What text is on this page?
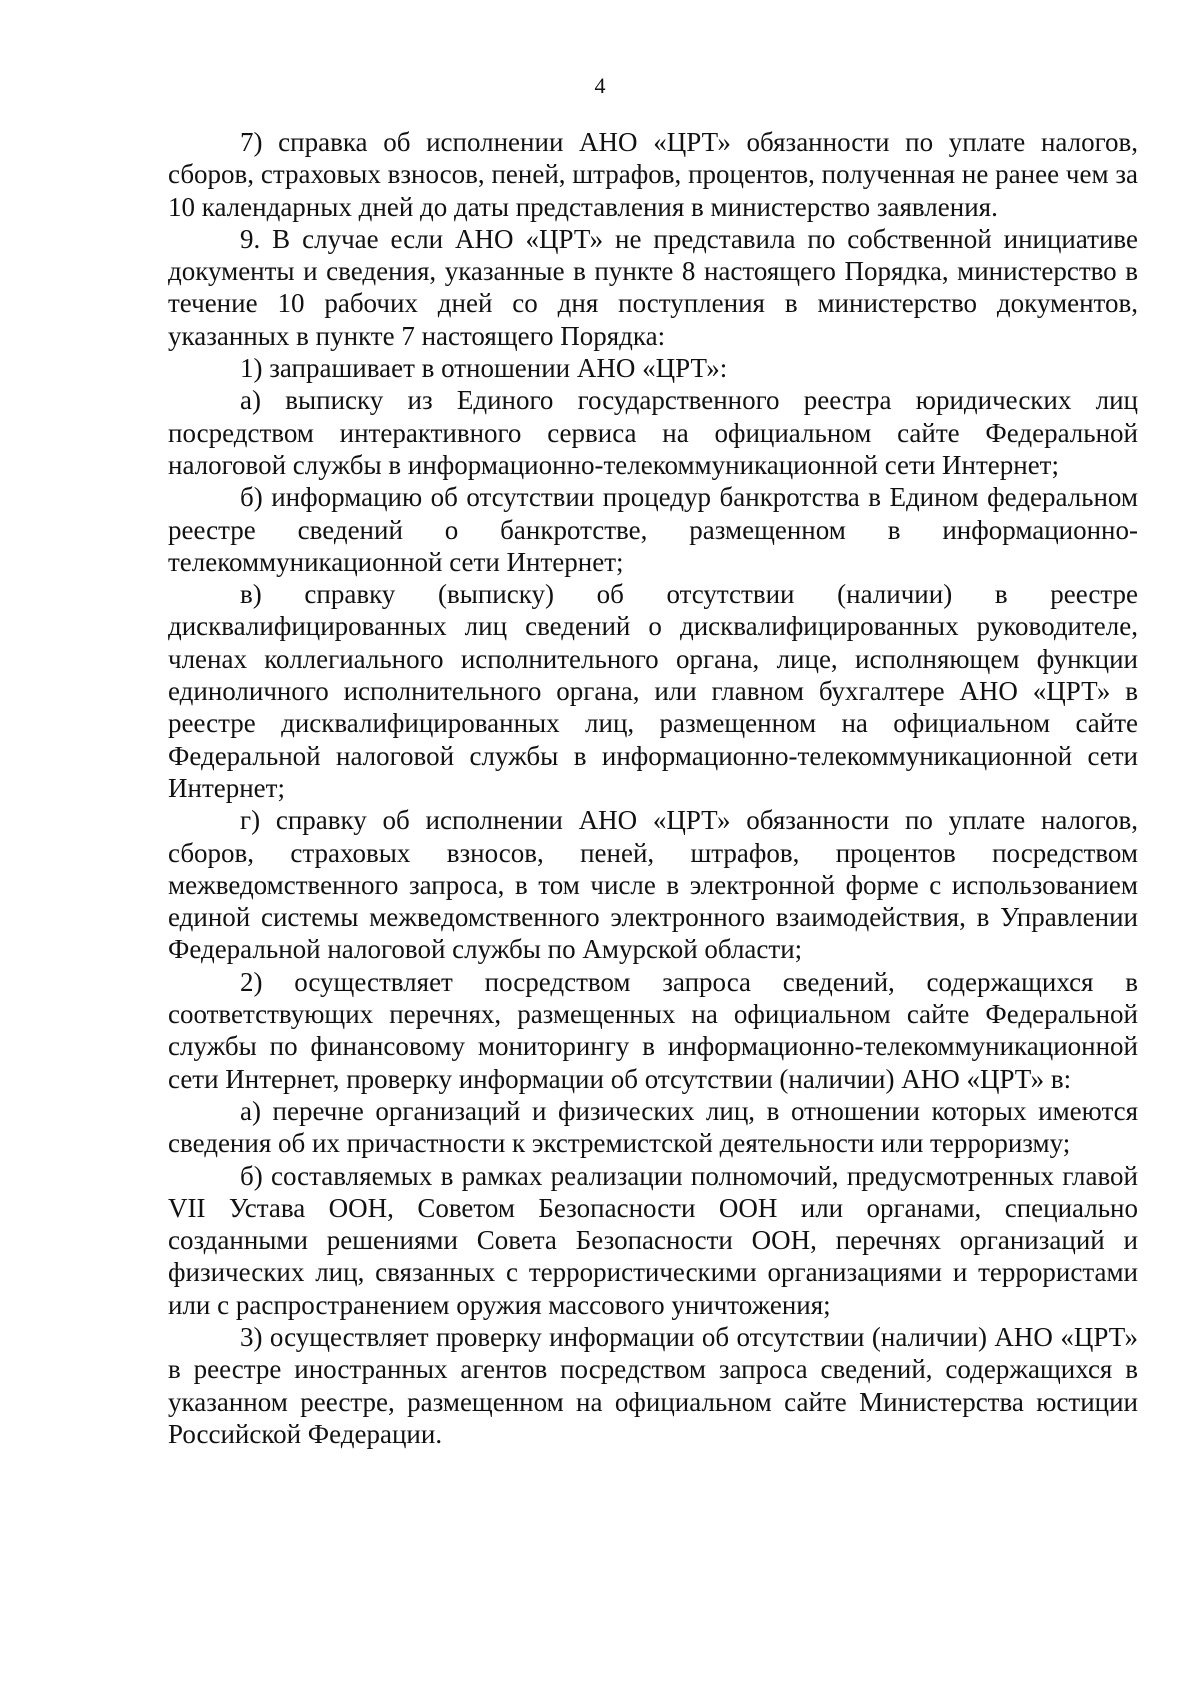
4

7) справка об исполнении АНО «ЦРТ» обязанности по уплате налогов, сборов, страховых взносов, пеней, штрафов, процентов, полученная не ранее чем за 10 календарных дней до даты представления в министерство заявления.

9. В случае если АНО «ЦРТ» не представила по собственной инициативе документы и сведения, указанные в пункте 8 настоящего Порядка, министерство в течение 10 рабочих дней со дня поступления в министерство документов, указанных в пункте 7 настоящего Порядка:

1) запрашивает в отношении АНО «ЦРТ»:

а) выписку из Единого государственного реестра юридических лиц посредством интерактивного сервиса на официальном сайте Федеральной налоговой службы в информационно-телекоммуникационной сети Интернет;

б) информацию об отсутствии процедур банкротства в Едином федеральном реестре сведений о банкротстве, размещенном в информационно-телекоммуникационной сети Интернет;

в) справку (выписку) об отсутствии (наличии) в реестре дисквалифицированных лиц сведений о дисквалифицированных руководителе, членах коллегиального исполнительного органа, лице, исполняющем функции единоличного исполнительного органа, или главном бухгалтере АНО «ЦРТ» в реестре дисквалифицированных лиц, размещенном на официальном сайте Федеральной налоговой службы в информационно-телекоммуникационной сети Интернет;

г) справку об исполнении АНО «ЦРТ» обязанности по уплате налогов, сборов, страховых взносов, пеней, штрафов, процентов посредством межведомственного запроса, в том числе в электронной форме с использованием единой системы межведомственного электронного взаимодействия, в Управлении Федеральной налоговой службы по Амурской области;

2) осуществляет посредством запроса сведений, содержащихся в соответствующих перечнях, размещенных на официальном сайте Федеральной службы по финансовому мониторингу в информационно-телекоммуникационной сети Интернет, проверку информации об отсутствии (наличии) АНО «ЦРТ» в:

а) перечне организаций и физических лиц, в отношении которых имеются сведения об их причастности к экстремистской деятельности или терроризму;

б) составляемых в рамках реализации полномочий, предусмотренных главой VII Устава ООН, Советом Безопасности ООН или органами, специально созданными решениями Совета Безопасности ООН, перечнях организаций и физических лиц, связанных с террористическими организациями и террористами или с распространением оружия массового уничтожения;

3) осуществляет проверку информации об отсутствии (наличии) АНО «ЦРТ» в реестре иностранных агентов посредством запроса сведений, содержащихся в указанном реестре, размещенном на официальном сайте Министерства юстиции Российской Федерации.
